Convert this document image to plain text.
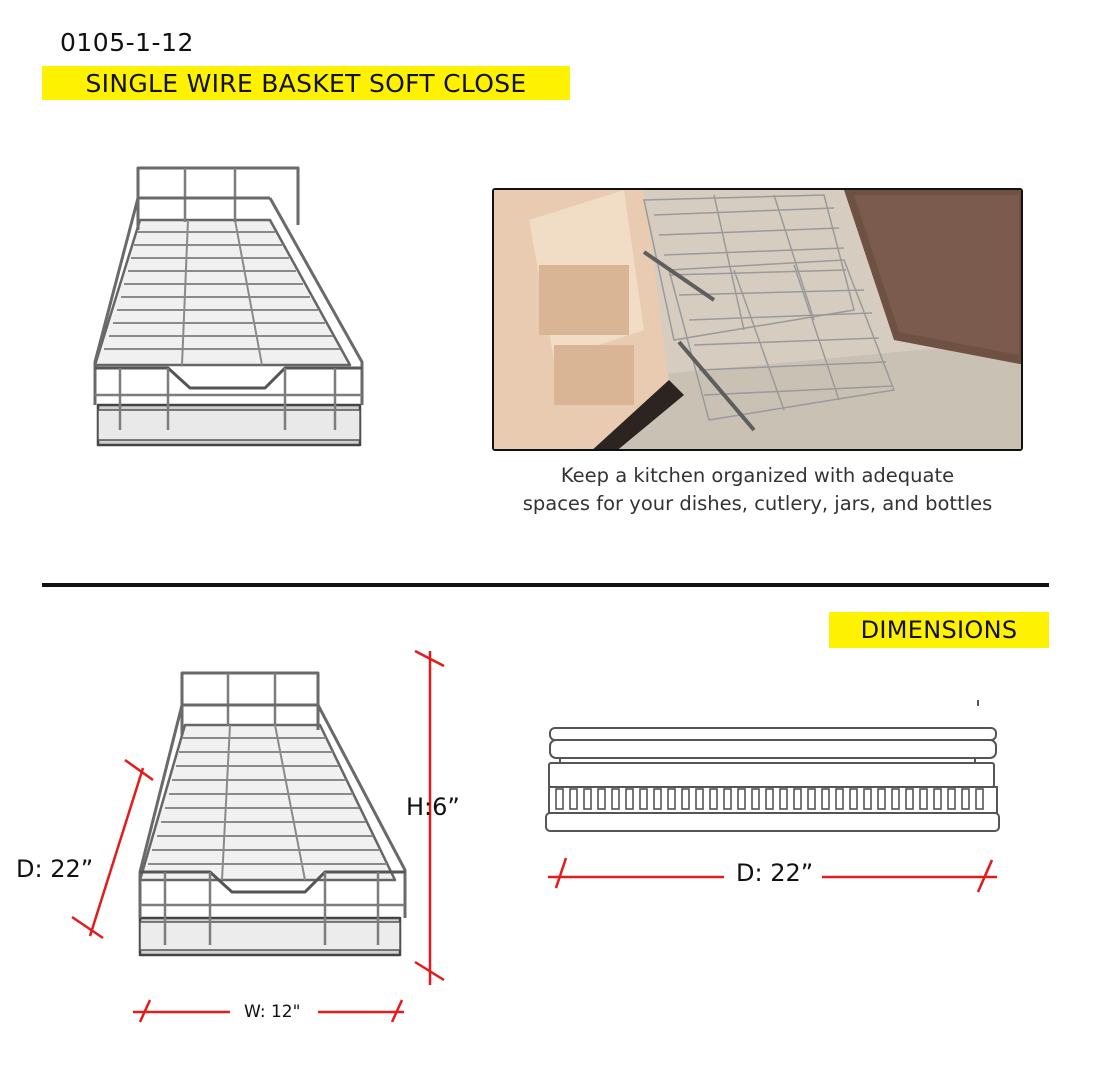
0105-1-12
SINGLE WIRE BASKET SOFT CLOSE
Keep a kitchen organized with adequate
spaces for your dishes, cutlery, jars, and bottles
DIMENSIONS
D: 22”
H:6”
W: 12"
D: 22”
